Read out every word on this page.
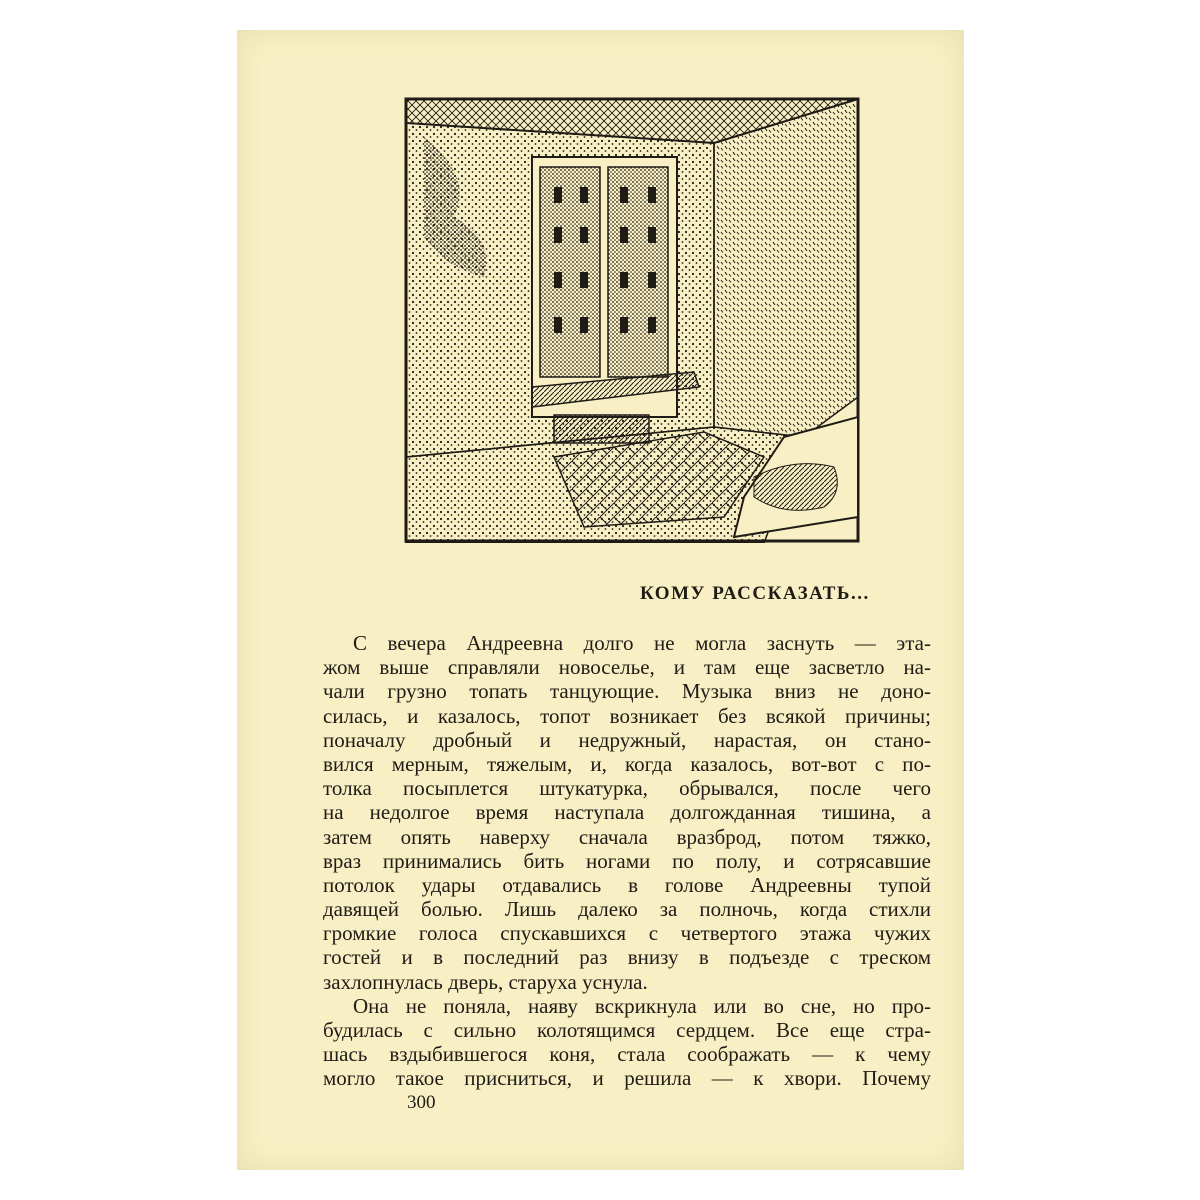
КОМУ РАССКАЗАТЬ...
С вечера Андреевна долго не могла заснуть — эта-
жом выше справляли новоселье, и там еще засветло на-
чали грузно топать танцующие. Музыка вниз не доно-
силась, и казалось, топот возникает без всякой причины;
поначалу дробный и недружный, нарастая, он стано-
вился мерным, тяжелым, и, когда казалось, вот-вот с по-
толка посыплется штукатурка, обрывался, после чего
на недолгое время наступала долгожданная тишина, а
затем опять наверху сначала вразброд, потом тяжко,
враз принимались бить ногами по полу, и сотрясавшие
потолок удары отдавались в голове Андреевны тупой
давящей болью. Лишь далеко за полночь, когда стихли
громкие голоса спускавшихся с четвертого этажа чужих
гостей и в последний раз внизу в подъезде с треском
захлопнулась дверь, старуха уснула.
Она не поняла, наяву вскрикнула или во сне, но про-
будилась с сильно колотящимся сердцем. Все еще стра-
шась вздыбившегося коня, стала соображать — к чему
могло такое присниться, и решила — к хвори. Почему
300
